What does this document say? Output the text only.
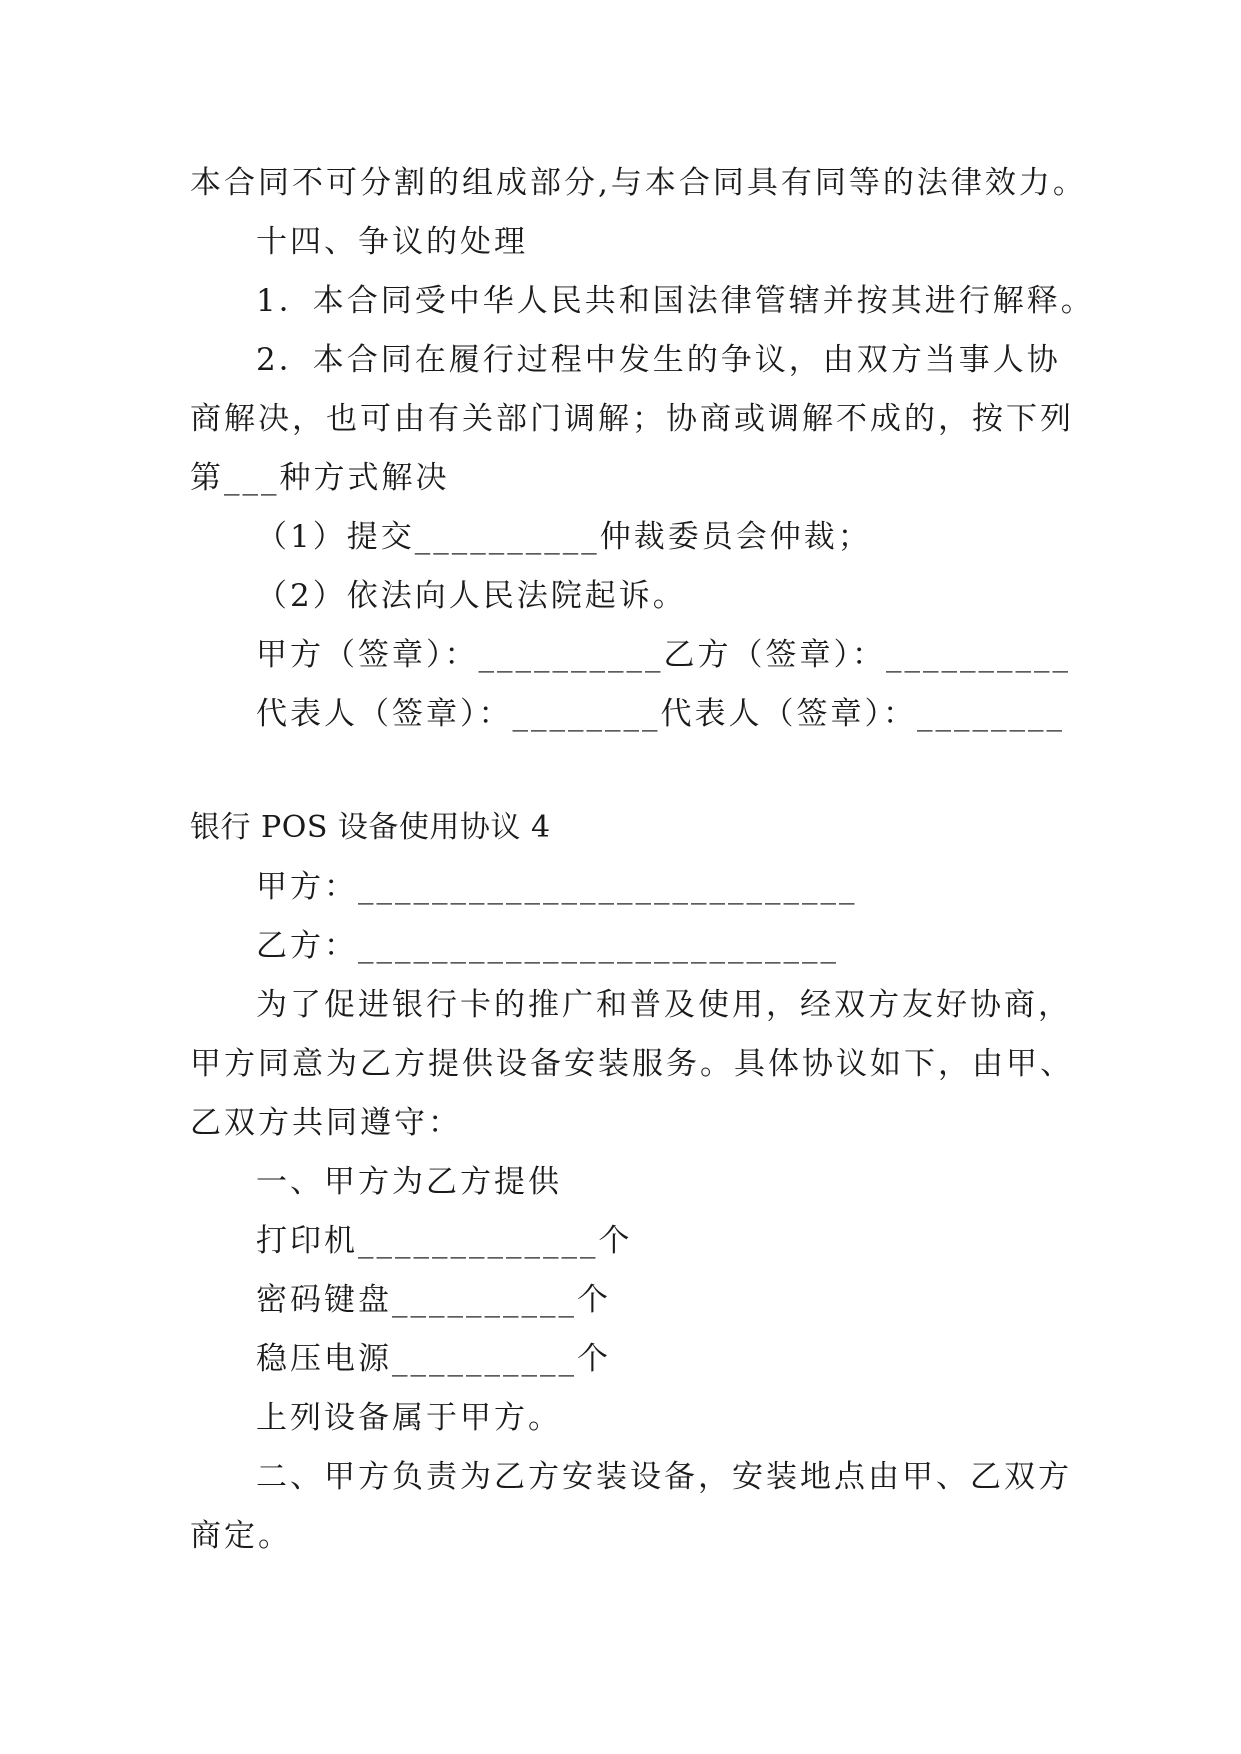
本合同不可分割的组成部分,与本合同具有同等的法律效力。
十四、争议的处理
1．本合同受中华人民共和国法律管辖并按其进行解释。
2．本合同在履行过程中发生的争议，由双方当事人协
商解决，也可由有关部门调解；协商或调解不成的，按下列
第___种方式解决
（1）提交__________仲裁委员会仲裁；
（2）依法向人民法院起诉。
甲方（签章）：__________乙方（签章）：__________
代表人（签章）：________代表人（签章）：________
银行 POS 设备使用协议 4
甲方：___________________________
乙方：__________________________
为了促进银行卡的推广和普及使用，经双方友好协商，
甲方同意为乙方提供设备安装服务。具体协议如下，由甲、
乙双方共同遵守：
一、甲方为乙方提供
打印机_____________个
密码键盘__________个
稳压电源__________个
上列设备属于甲方。
二、甲方负责为乙方安装设备，安装地点由甲、乙双方
商定。
